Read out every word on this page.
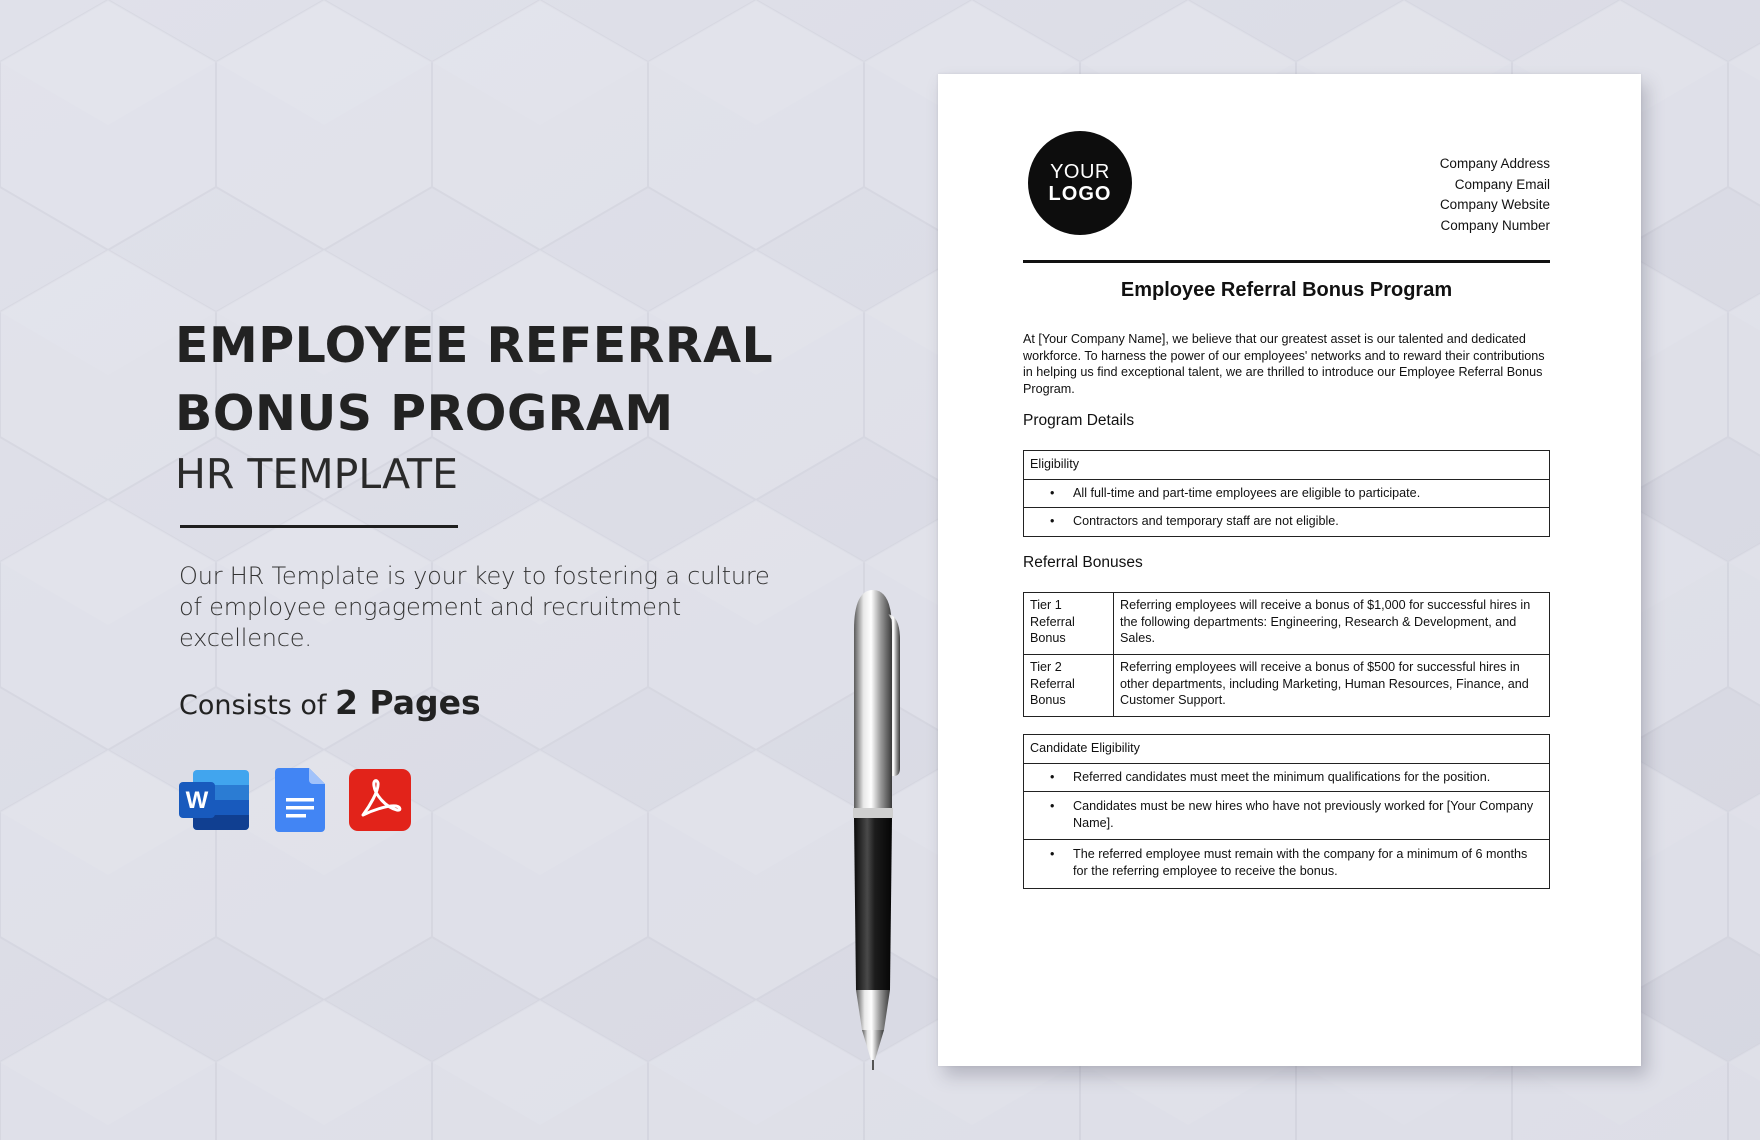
EMPLOYEE REFERRAL
BONUS PROGRAM
HR TEMPLATE
Our HR Template is your key to fostering a culture of employee engagement and recruitment excellence.
Consists of 2 Pages
W
YOUR
LOGO
Company Address
Company Email
Company Website
Company Number
Employee Referral Bonus Program
At [Your Company Name], we believe that our greatest asset is our talented and dedicated workforce. To harness the power of our employees' networks and to reward their contributions in helping us find exceptional talent, we are thrilled to introduce our Employee Referral Bonus Program.
Program Details
Eligibility

•	All full-time and part-time employees are eligible to participate.

•	Contractors and temporary staff are not eligible.
Referral Bonuses
Tier 1 Referral Bonus	Referring employees will receive a bonus of $1,000 for successful hires in the following departments: Engineering, Research & Development, and Sales.
Tier 2 Referral Bonus	Referring employees will receive a bonus of $500 for successful hires in other departments, including Marketing, Human Resources, Finance, and Customer Support.
Candidate Eligibility

•	Referred candidates must meet the minimum qualifications for the position.

•	Candidates must be new hires who have not previously worked for [Your Company Name].

•	The referred employee must remain with the company for a minimum of 6 months for the referring employee to receive the bonus.
